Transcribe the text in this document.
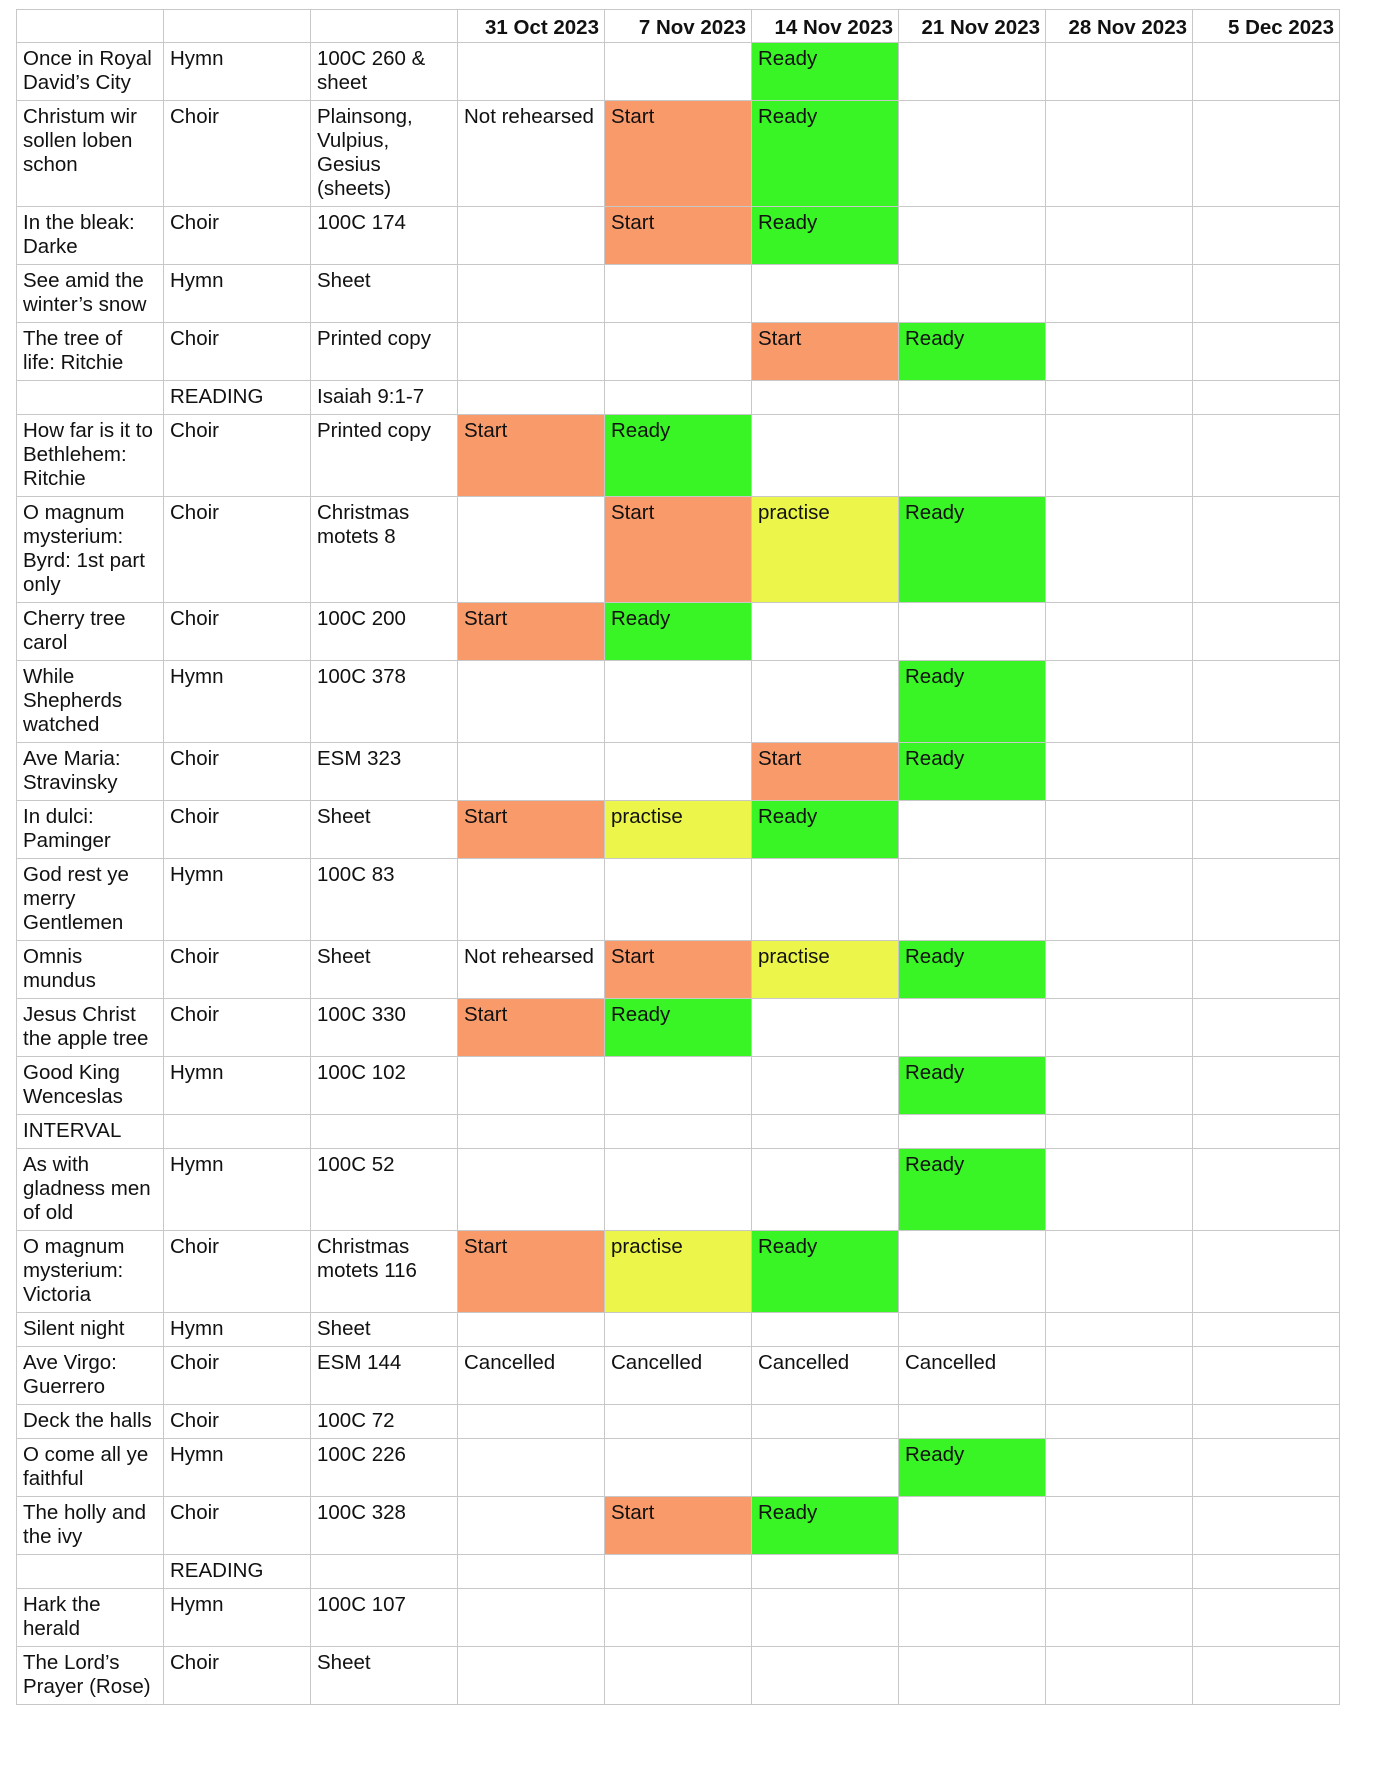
			31 Oct 2023	7 Nov 2023	14 Nov 2023	21 Nov 2023	28 Nov 2023	5 Dec 2023
Once in Royal David’s City	Hymn	100C 260 & sheet			Ready			
Christum wir sollen loben schon	Choir	Plainsong, Vulpius, Gesius (sheets)	Not rehearsed	Start	Ready			
In the bleak: Darke	Choir	100C 174		Start	Ready			
See amid the winter’s snow	Hymn	Sheet						
The tree of life: Ritchie	Choir	Printed copy			Start	Ready		
	READING	Isaiah 9:1-7						
How far is it to Bethlehem: Ritchie	Choir	Printed copy	Start	Ready				
O magnum mysterium: Byrd: 1st part only	Choir	Christmas motets 8		Start	practise	Ready		
Cherry tree carol	Choir	100C 200	Start	Ready				
While Shepherds watched	Hymn	100C 378				Ready		
Ave Maria: Stravinsky	Choir	ESM 323			Start	Ready		
In dulci: Paminger	Choir	Sheet	Start	practise	Ready			
God rest ye merry Gentlemen	Hymn	100C 83						
Omnis mundus	Choir	Sheet	Not rehearsed	Start	practise	Ready		
Jesus Christ the apple tree	Choir	100C 330	Start	Ready				
Good King Wenceslas	Hymn	100C 102				Ready		
INTERVAL								
As with gladness men of old	Hymn	100C 52				Ready		
O magnum mysterium: Victoria	Choir	Christmas motets 116	Start	practise	Ready			
Silent night	Hymn	Sheet						
Ave Virgo: Guerrero	Choir	ESM 144	Cancelled	Cancelled	Cancelled	Cancelled		
Deck the halls	Choir	100C 72						
O come all ye faithful	Hymn	100C 226				Ready		
The holly and the ivy	Choir	100C 328		Start	Ready			
	READING							
Hark the herald	Hymn	100C 107						
The Lord’s Prayer (Rose)	Choir	Sheet						
